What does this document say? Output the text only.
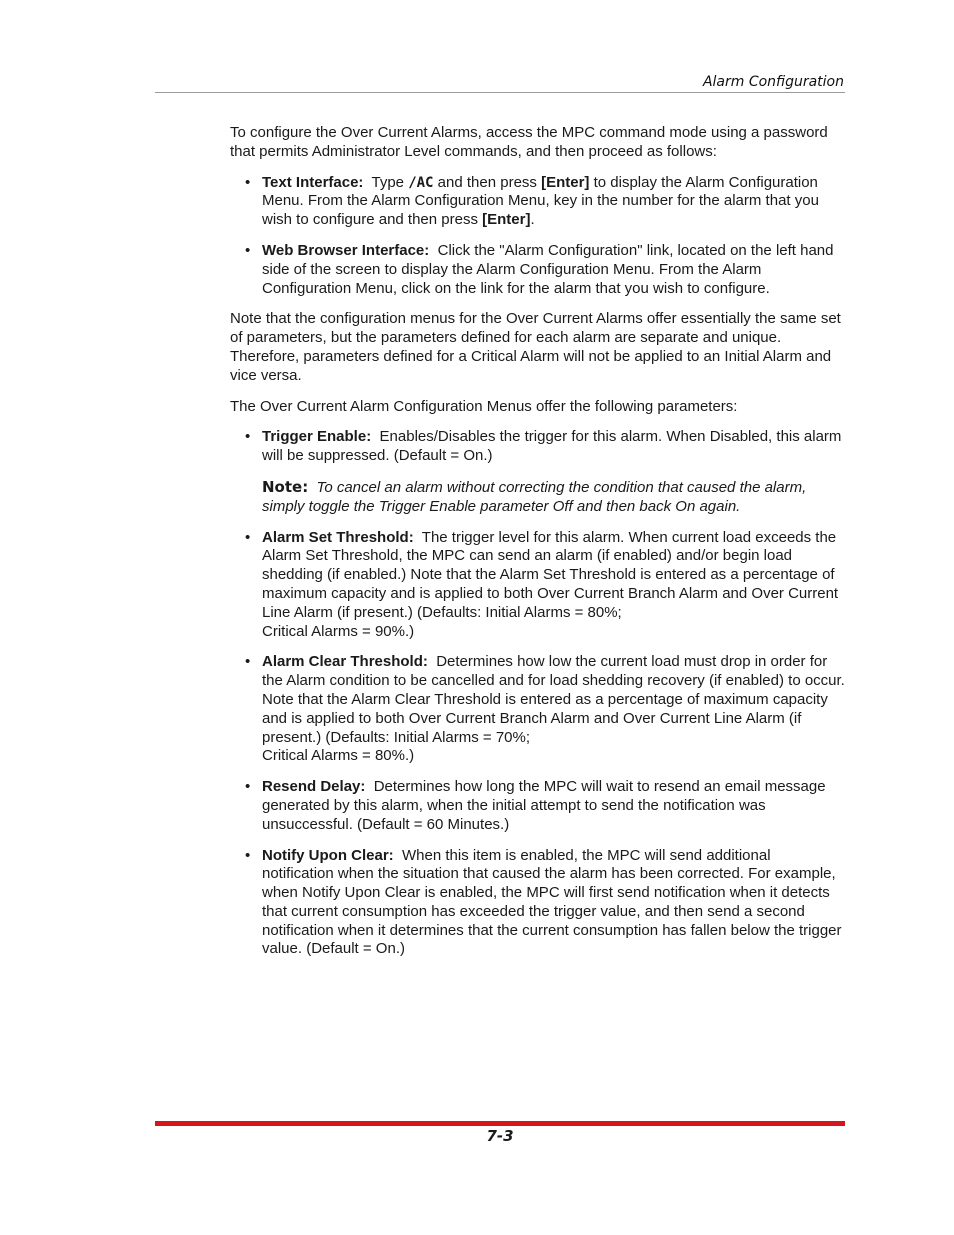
Alarm Configuration

To configure the Over Current Alarms, access the MPC command mode using a password that permits Administrator Level commands, and then proceed as follows:

• Text Interface: Type /AC and then press [Enter] to display the Alarm Configuration Menu. From the Alarm Configuration Menu, key in the number for the alarm that you wish to configure and then press [Enter].
• Web Browser Interface: Click the "Alarm Configuration" link, located on the left hand side of the screen to display the Alarm Configuration Menu. From the Alarm Configuration Menu, click on the link for the alarm that you wish to configure.

Note that the configuration menus for the Over Current Alarms offer essentially the same set of parameters, but the parameters defined for each alarm are separate and unique. Therefore, parameters defined for a Critical Alarm will not be applied to an Initial Alarm and vice versa.

The Over Current Alarm Configuration Menus offer the following parameters:

• Trigger Enable: Enables/Disables the trigger for this alarm. When Disabled, this alarm will be suppressed. (Default = On.)

Note: To cancel an alarm without correcting the condition that caused the alarm, simply toggle the Trigger Enable parameter Off and then back On again.

• Alarm Set Threshold: The trigger level for this alarm. When current load exceeds the Alarm Set Threshold, the MPC can send an alarm (if enabled) and/or begin load shedding (if enabled.) Note that the Alarm Set Threshold is entered as a percentage of maximum capacity and is applied to both Over Current Branch Alarm and Over Current Line Alarm (if present.) (Defaults: Initial Alarms = 80%;
Critical Alarms = 90%.)
• Alarm Clear Threshold: Determines how low the current load must drop in order for the Alarm condition to be cancelled and for load shedding recovery (if enabled) to occur. Note that the Alarm Clear Threshold is entered as a percentage of maximum capacity and is applied to both Over Current Branch Alarm and Over Current Line Alarm (if present.) (Defaults: Initial Alarms = 70%;
Critical Alarms = 80%.)
• Resend Delay: Determines how long the MPC will wait to resend an email message generated by this alarm, when the initial attempt to send the notification was unsuccessful. (Default = 60 Minutes.)
• Notify Upon Clear: When this item is enabled, the MPC will send additional notification when the situation that caused the alarm has been corrected. For example, when Notify Upon Clear is enabled, the MPC will first send notification when it detects that current consumption has exceeded the trigger value, and then send a second notification when it determines that the current consumption has fallen below the trigger value. (Default = On.)
7-3
